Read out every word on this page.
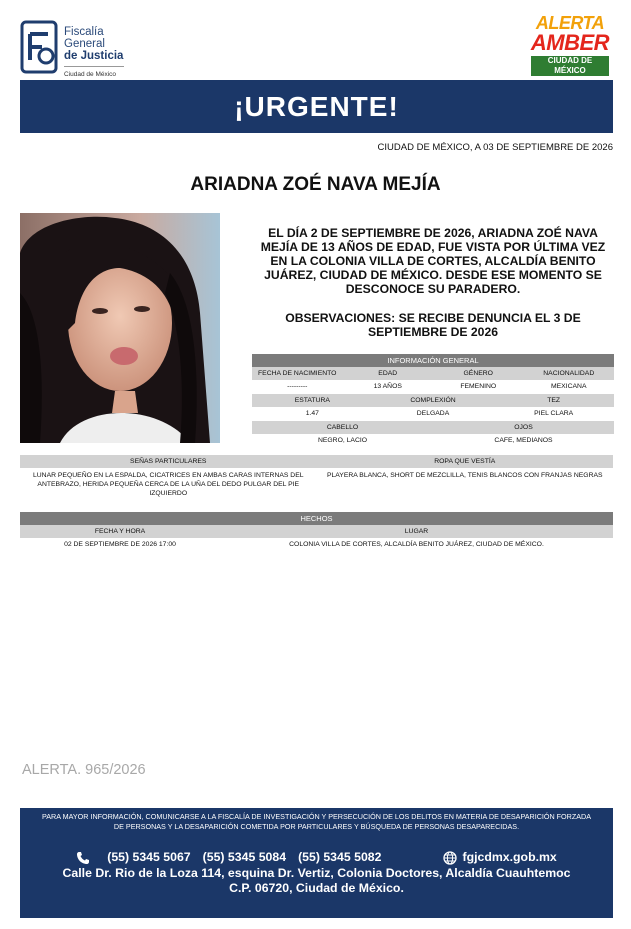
Fiscalía
General
de Justicia
Ciudad de México
ALERTA
AMBER
CIUDAD DE MÉXICO
¡URGENTE!
CIUDAD DE MÉXICO, A 03 DE SEPTIEMBRE DE 2026
ARIADNA ZOÉ NAVA MEJÍA
EL DÍA 2 DE SEPTIEMBRE DE 2026, ARIADNA ZOÉ NAVA MEJÍA DE 13 AÑOS DE EDAD, FUE VISTA POR ÚLTIMA VEZ EN LA COLONIA VILLA DE CORTES, ALCALDÍA BENITO JUÁREZ, CIUDAD DE MÉXICO. DESDE ESE MOMENTO SE DESCONOCE SU PARADERO.
OBSERVACIONES: SE RECIBE DENUNCIA EL 3 DE SEPTIEMBRE DE 2026
INFORMACIÓN GENERAL
FECHA DE NACIMIENTO	EDAD	GÉNERO	NACIONALIDAD
---------	13 AÑOS	FEMENINO	MEXICANA
ESTATURA	COMPLEXIÓN	TEZ
1.47	DELGADA	PIEL CLARA
CABELLO	OJOS
NEGRO, LACIO	CAFE, MEDIANOS
SEÑAS PARTICULARES	ROPA QUE VESTÍA
LUNAR PEQUEÑO EN LA ESPALDA, CICATRICES EN AMBAS CARAS INTERNAS DEL ANTEBRAZO, HERIDA PEQUEÑA CERCA DE LA UÑA DEL DEDO PULGAR DEL PIE IZQUIERDO
PLAYERA BLANCA, SHORT DE MEZCLILLA, TENIS BLANCOS CON FRANJAS NEGRAS
HECHOS
FECHA Y HORA	LUGAR
02 DE SEPTIEMBRE DE 2026 17:00	COLONIA VILLA DE CORTES, ALCALDÍA BENITO JUÁREZ, CIUDAD DE MÉXICO.
ALERTA. 965/2026
PARA MAYOR INFORMACIÓN, COMUNICARSE A LA FISCALÍA DE INVESTIGACIÓN Y PERSECUCIÓN DE LOS DELITOS EN MATERIA DE DESAPARICIÓN FORZADA DE PERSONAS Y LA DESAPARICIÓN COMETIDA POR PARTICULARES Y BÚSQUEDA DE PERSONAS DESAPARECIDAS.
(55) 5345 5067 (55) 5345 5084 (55) 5345 5082	fgjcdmx.gob.mx
Calle Dr. Rio de la Loza 114, esquina Dr. Vertiz, Colonia Doctores, Alcaldía Cuauhtemoc
C.P. 06720, Ciudad de México.
